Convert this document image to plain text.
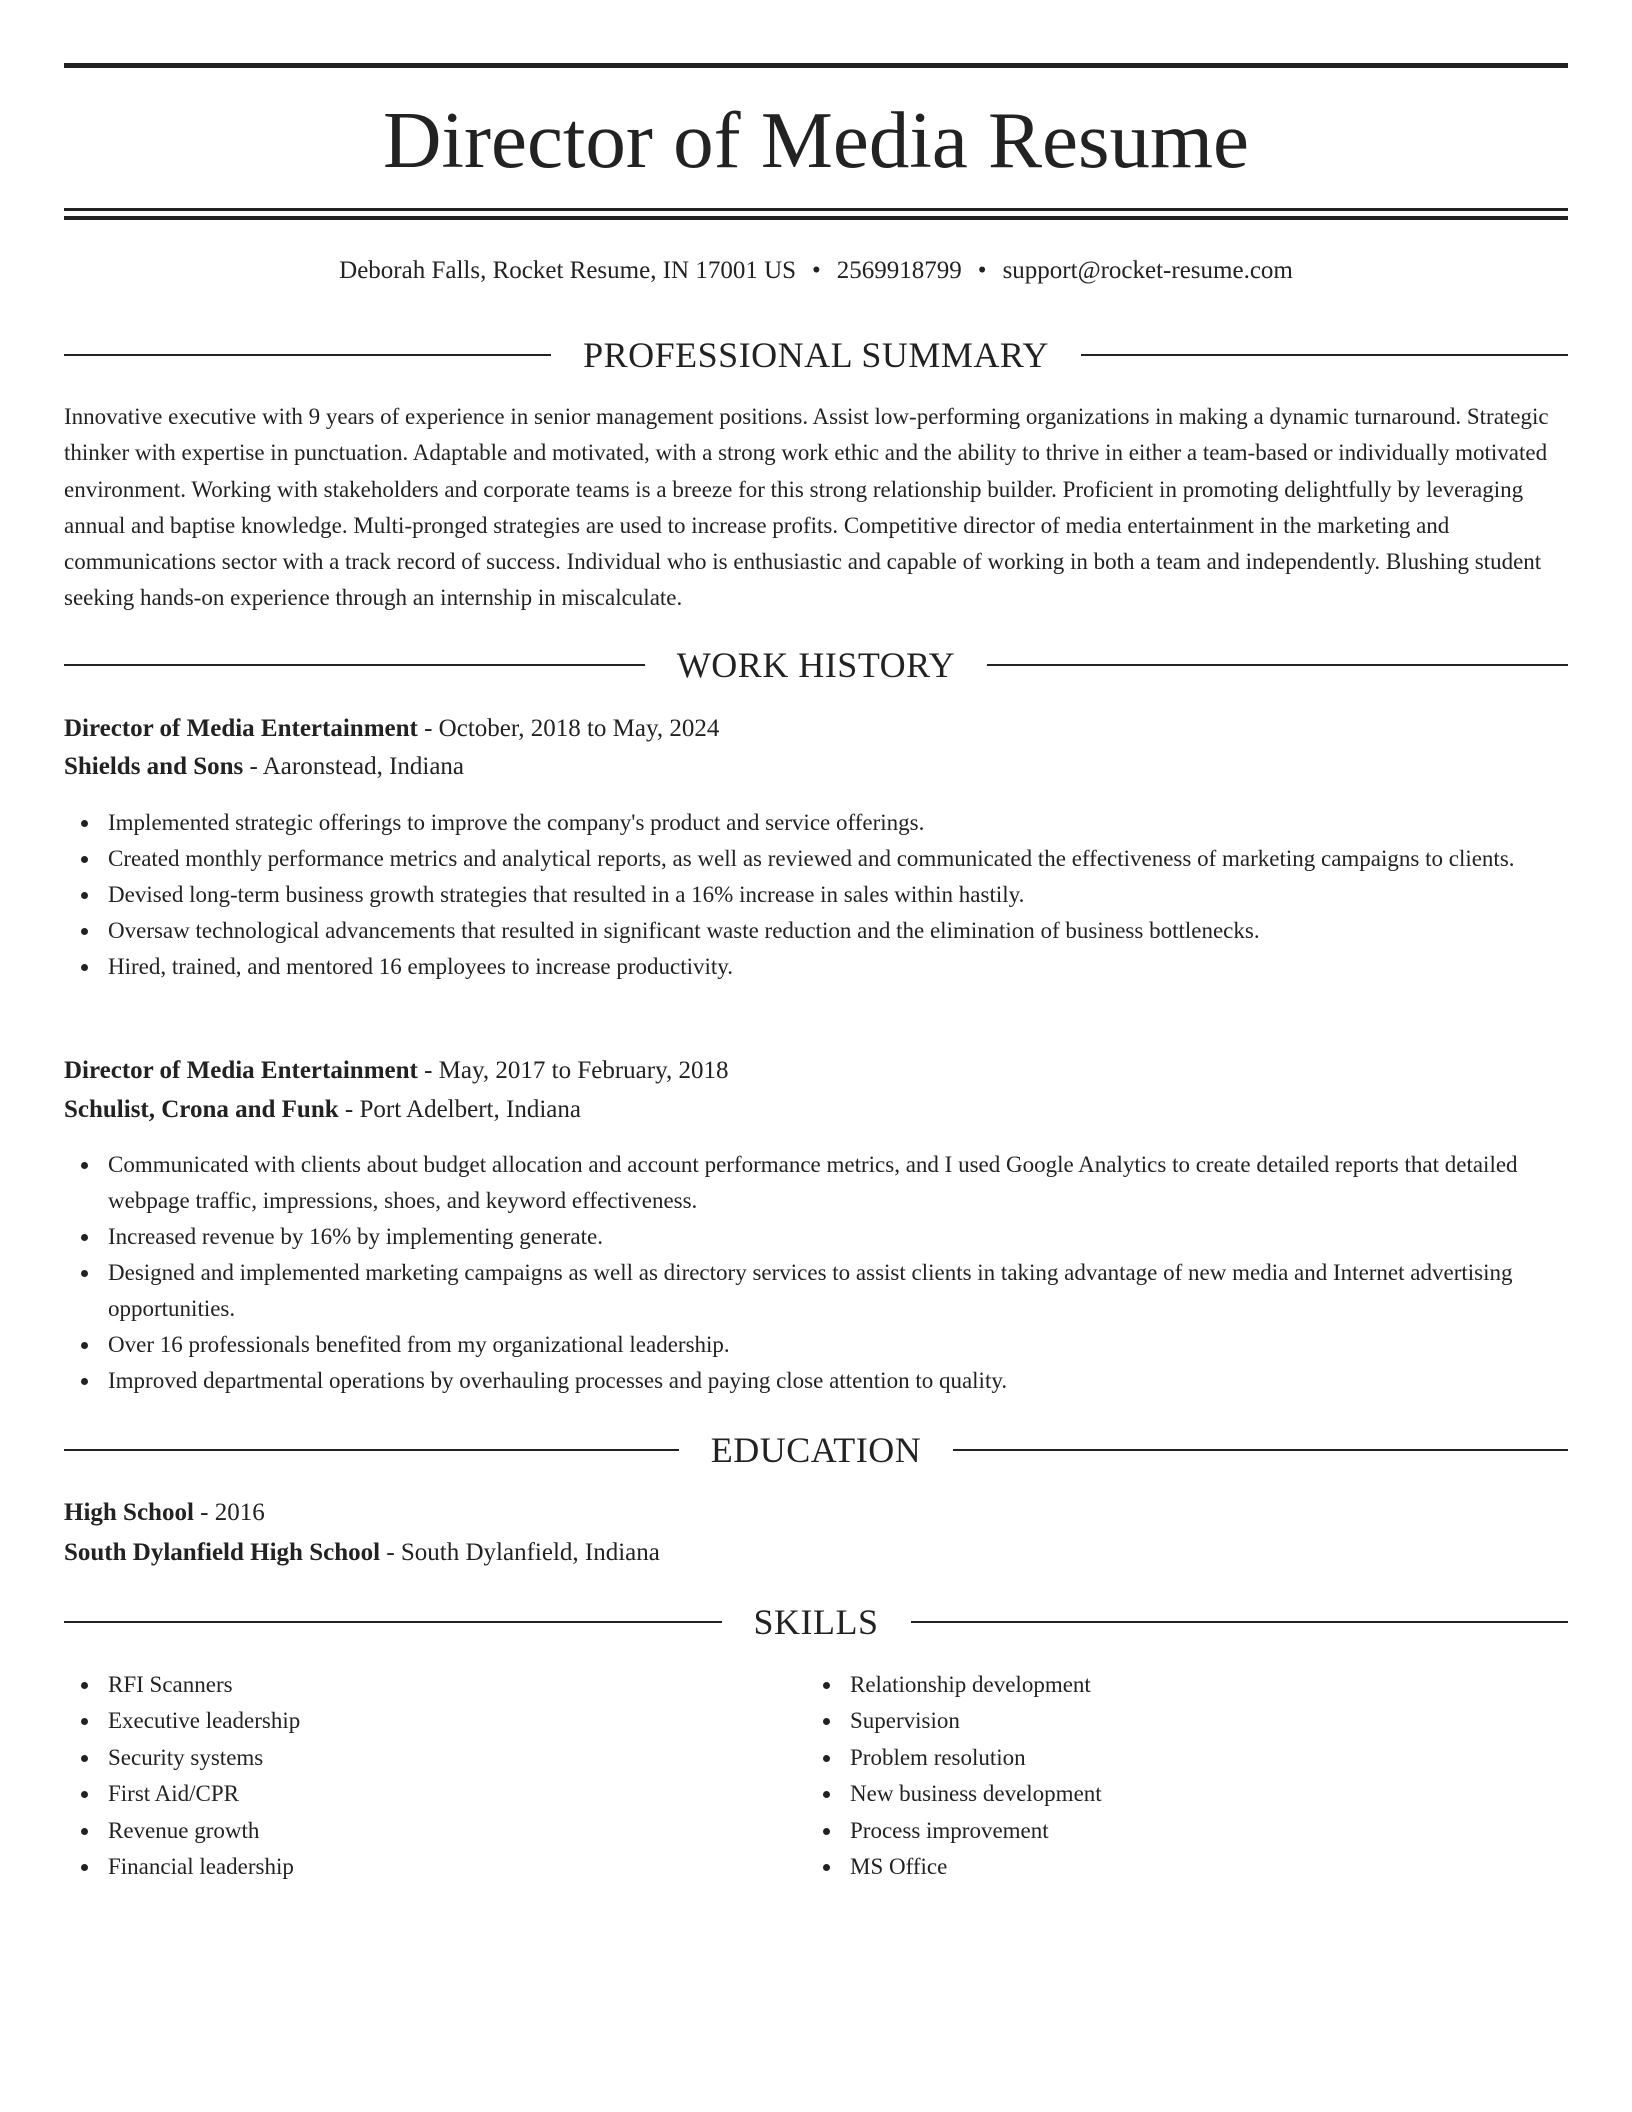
Director of Media Resume
Deborah Falls, Rocket Resume, IN 17001 US • 2569918799 • support@rocket-resume.com
PROFESSIONAL SUMMARY

Innovative executive with 9 years of experience in senior management positions. Assist low-performing organizations in making a dynamic turnaround. Strategic thinker with expertise in punctuation. Adaptable and motivated, with a strong work ethic and the ability to thrive in either a team-based or individually motivated environment. Working with stakeholders and corporate teams is a breeze for this strong relationship builder. Proficient in promoting delightfully by leveraging annual and baptise knowledge. Multi-pronged strategies are used to increase profits. Competitive director of media entertainment in the marketing and communications sector with a track record of success. Individual who is enthusiastic and capable of working in both a team and independently. Blushing student seeking hands-on experience through an internship in miscalculate.

WORK HISTORY
Director of Media Entertainment - October, 2018 to May, 2024
Shields and Sons - Aaronstead, Indiana
Implemented strategic offerings to improve the company's product and service offerings.
Created monthly performance metrics and analytical reports, as well as reviewed and communicated the effectiveness of marketing campaigns to clients.
Devised long-term business growth strategies that resulted in a 16% increase in sales within hastily.
Oversaw technological advancements that resulted in significant waste reduction and the elimination of business bottlenecks.
Hired, trained, and mentored 16 employees to increase productivity.
Director of Media Entertainment - May, 2017 to February, 2018
Schulist, Crona and Funk - Port Adelbert, Indiana
Communicated with clients about budget allocation and account performance metrics, and I used Google Analytics to create detailed reports that detailed webpage traffic, impressions, shoes, and keyword effectiveness.
Increased revenue by 16% by implementing generate.
Designed and implemented marketing campaigns as well as directory services to assist clients in taking advantage of new media and Internet advertising opportunities.
Over 16 professionals benefited from my organizational leadership.
Improved departmental operations by overhauling processes and paying close attention to quality.
EDUCATION
High School - 2016
South Dylanfield High School - South Dylanfield, Indiana
SKILLS
RFI Scanners
Executive leadership
Security systems
First Aid/CPR
Revenue growth
Financial leadership
Relationship development
Supervision
Problem resolution
New business development
Process improvement
MS Office
